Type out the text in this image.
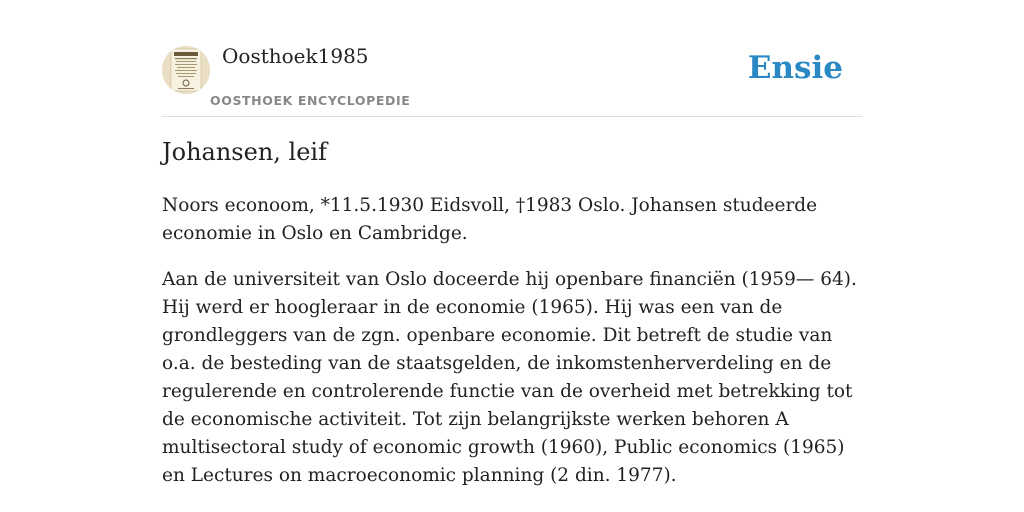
Oosthoek1985
OOSTHOEK ENCYCLOPEDIE
Ensie
Johansen, leif

Noors econoom, *11.5.1930 Eidsvoll, †1983 Oslo. Johansen studeerde economie in Oslo en Cambridge.

Aan de universiteit van Oslo doceerde hij openbare financiën (1959— 64). Hij werd er hoogleraar in de economie (1965). Hij was een van de grondleggers van de zgn. openbare economie. Dit betreft de studie van o.a. de besteding van de staatsgelden, de inkomstenherverdeling en de regulerende en controlerende functie van de overheid met betrekking tot de economische activiteit. Tot zijn belangrijkste werken behoren A multisectoral study of economic growth (1960), Public economics (1965) en Lectures on macroeconomic planning (2 din. 1977).
